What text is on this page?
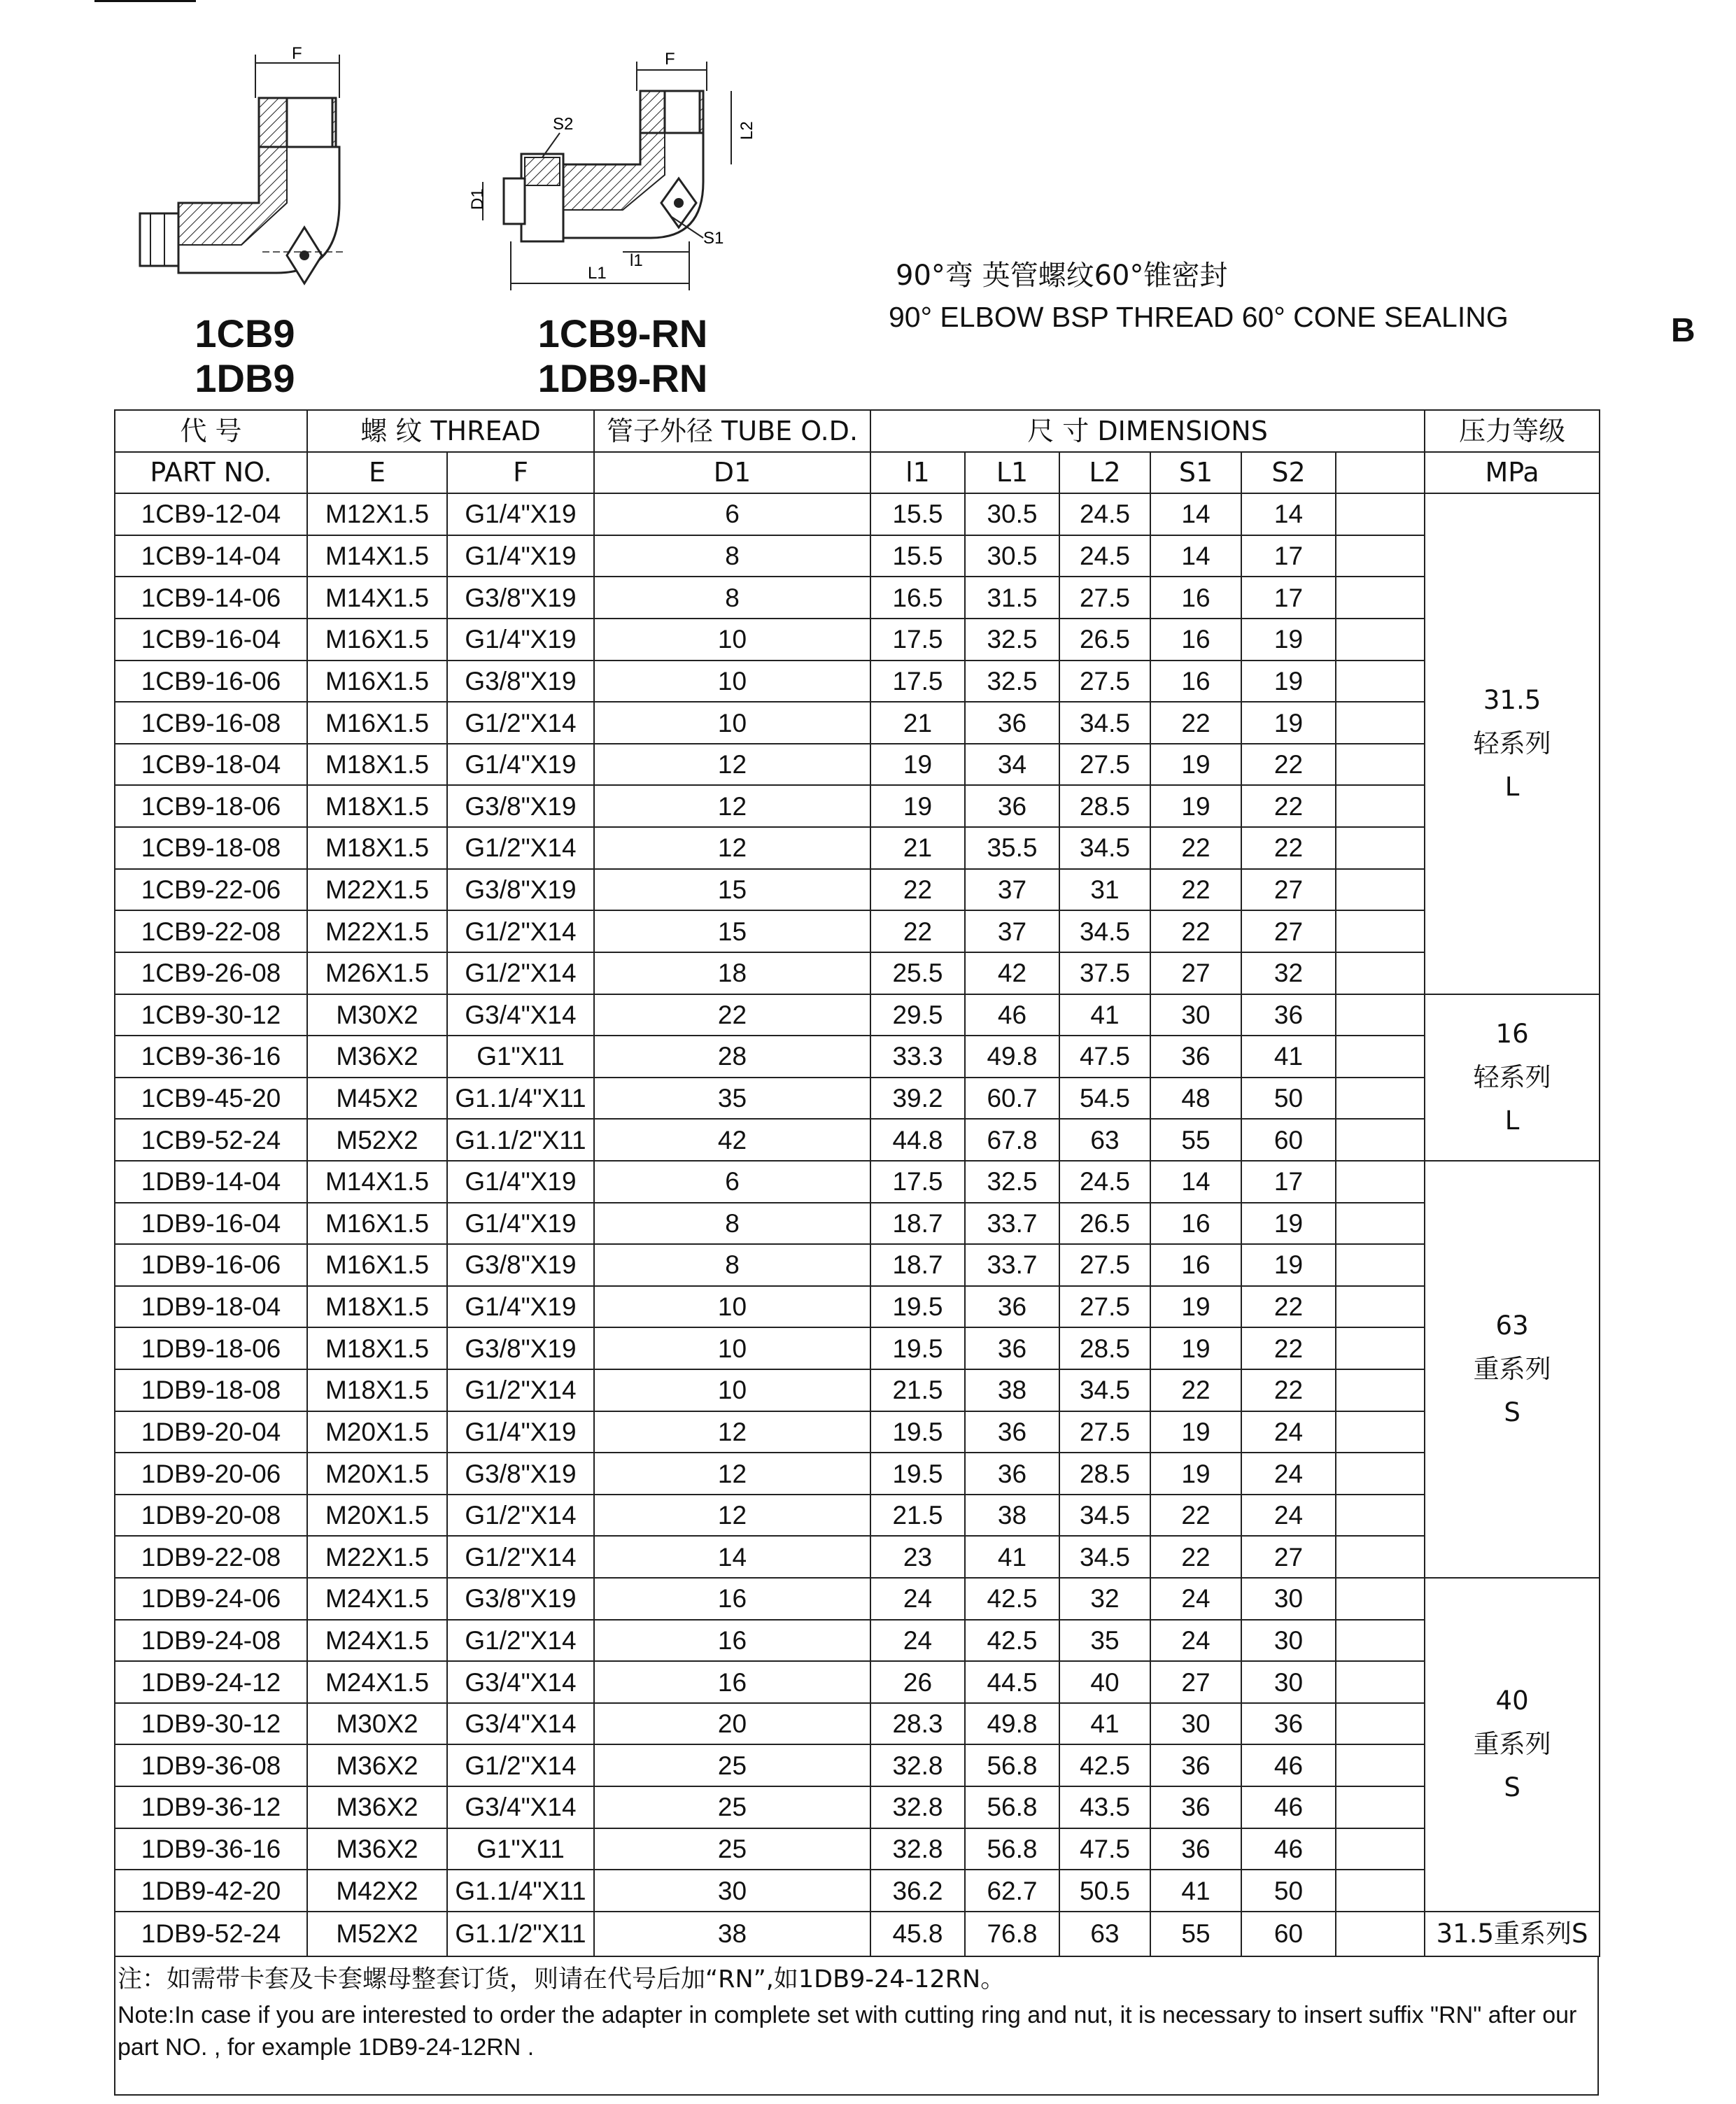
F	F
L2
S2
D1
S1
l1
L1
1CB9
1DB9
1CB9-RN
1DB9-RN
90°弯 英管螺纹60°锥密封
90° ELBOW BSP THREAD 60° CONE SEALING	B
代 号	螺 纹 THREAD		管子外径 TUBE O.D.	尺 寸 DIMENSIONS						压力等级
PART NO.	E	F	D1	l1	L1	L2	S1	S2		MPa
1CB9-12-04	M12X1.5	G1/4"X19	6	15.5	30.5	24.5	14	14		31.5
轻系列
L

1CB9-14-04	M14X1.5	G1/4"X19	8	15.5	30.5	24.5	14	17		
1CB9-14-06	M14X1.5	G3/8"X19	8	16.5	31.5	27.5	16	17		
1CB9-16-04	M16X1.5	G1/4"X19	10	17.5	32.5	26.5	16	19		
1CB9-16-06	M16X1.5	G3/8"X19	10	17.5	32.5	27.5	16	19		
1CB9-16-08	M16X1.5	G1/2"X14	10	21	36	34.5	22	19		
1CB9-18-04	M18X1.5	G1/4"X19	12	19	34	27.5	19	22		
1CB9-18-06	M18X1.5	G3/8"X19	12	19	36	28.5	19	22		
1CB9-18-08	M18X1.5	G1/2"X14	12	21	35.5	34.5	22	22		
1CB9-22-06	M22X1.5	G3/8"X19	15	22	37	31	22	27		
1CB9-22-08	M22X1.5	G1/2"X14	15	22	37	34.5	22	27		
1CB9-26-08	M26X1.5	G1/2"X14	18	25.5	42	37.5	27	32		
1CB9-30-12	M30X2	G3/4"X14	22	29.5	46	41	30	36		16
轻系列
L

1CB9-36-16	M36X2	G1"X11	28	33.3	49.8	47.5	36	41		
1CB9-45-20	M45X2	G1.1/4"X11	35	39.2	60.7	54.5	48	50		
1CB9-52-24	M52X2	G1.1/2"X11	42	44.8	67.8	63	55	60		
1DB9-14-04	M14X1.5	G1/4"X19	6	17.5	32.5	24.5	14	17		63
重系列
S

1DB9-16-04	M16X1.5	G1/4"X19	8	18.7	33.7	26.5	16	19		
1DB9-16-06	M16X1.5	G3/8"X19	8	18.7	33.7	27.5	16	19		
1DB9-18-04	M18X1.5	G1/4"X19	10	19.5	36	27.5	19	22		
1DB9-18-06	M18X1.5	G3/8"X19	10	19.5	36	28.5	19	22		
1DB9-18-08	M18X1.5	G1/2"X14	10	21.5	38	34.5	22	22		
1DB9-20-04	M20X1.5	G1/4"X19	12	19.5	36	27.5	19	24		
1DB9-20-06	M20X1.5	G3/8"X19	12	19.5	36	28.5	19	24		
1DB9-20-08	M20X1.5	G1/2"X14	12	21.5	38	34.5	22	24		
1DB9-22-08	M22X1.5	G1/2"X14	14	23	41	34.5	22	27		
1DB9-24-06	M24X1.5	G3/8"X19	16	24	42.5	32	24	30		40
重系列
S

1DB9-24-08	M24X1.5	G1/2"X14	16	24	42.5	35	24	30		
1DB9-24-12	M24X1.5	G3/4"X14	16	26	44.5	40	27	30		
1DB9-30-12	M30X2	G3/4"X14	20	28.3	49.8	41	30	36		
1DB9-36-08	M36X2	G1/2"X14	25	32.8	56.8	42.5	36	46		
1DB9-36-12	M36X2	G3/4"X14	25	32.8	56.8	43.5	36	46		
1DB9-36-16	M36X2	G1"X11	25	32.8	56.8	47.5	36	46		
1DB9-42-20	M42X2	G1.1/4"X11	30	36.2	62.7	50.5	41	50		
1DB9-52-24	M52X2	G1.1/2"X11	38	45.8	76.8	63	55	60		31.5重系列S

注：如需带卡套及卡套螺母整套订货，则请在代号后加“RN”,如1DB9-24-12RN。

Note:In case if you are interested to order the adapter in complete set with cutting ring and nut, it is necessary to insert suffix "RN" after our part NO. , for example 1DB9-24-12RN .
